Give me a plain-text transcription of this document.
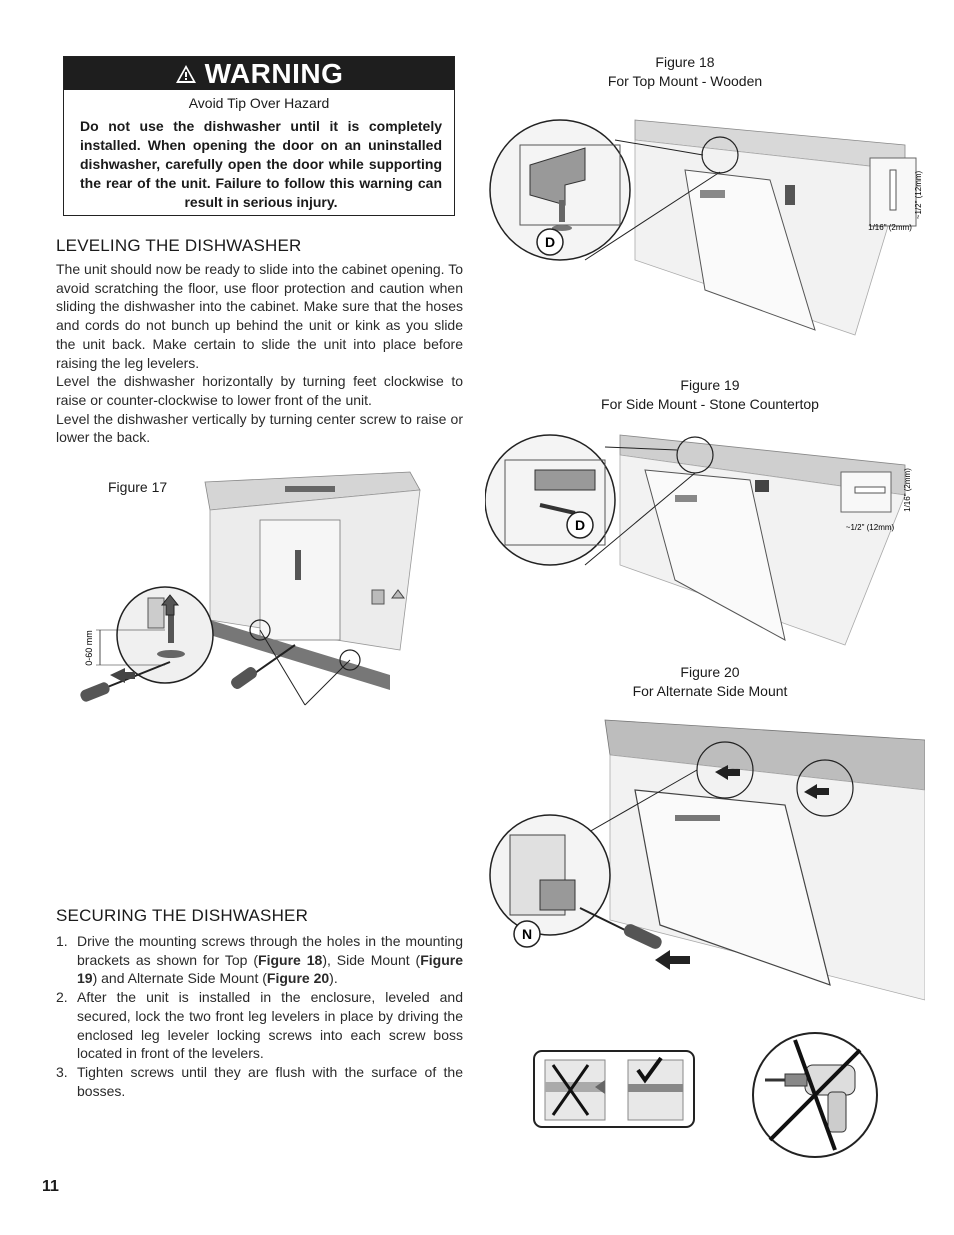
WARNING
Avoid Tip Over Hazard
Do not use the dishwasher until it is completely installed. When opening the door on an uninstalled dishwasher, carefully open the door while supporting the rear of the unit. Failure to follow this warning can result in serious injury.
LEVELING THE DISHWASHER

The unit should now be ready to slide into the cabinet opening. To avoid scratching the floor, use floor protection and caution when sliding the dishwasher into the cabinet. Make sure that the hoses and cords do not bunch up behind the unit or kink as you slide the unit back. Make certain to slide the unit into place before raising the leg levelers.

Level the dishwasher horizontally by turning feet clockwise to raise or counter-clockwise to lower front of the unit.

Level the dishwasher vertically by turning center screw to raise or lower the back.

Figure 17
0-60 mm
SECURING THE DISHWASHER
1. Drive the mounting screws through the holes in the mounting brackets as shown for Top (Figure 18), Side Mount (Figure 19) and Alternate Side Mount (Figure 20).
2. After the unit is installed in the enclosure, leveled and secured, lock the two front leg levelers in place by driving the enclosed leg leveler locking screws into each screw boss located in front of the levelers.
3. Tighten screws until they are flush with the surface of the bosses.
Figure 18
For Top Mount - Wooden
D
~1/2" (12mm)
1/16" (2mm)
Figure 19
For Side Mount - Stone Countertop
D
1/16" (2mm)
~1/2" (12mm)
Figure 20
For Alternate Side Mount
N
11
